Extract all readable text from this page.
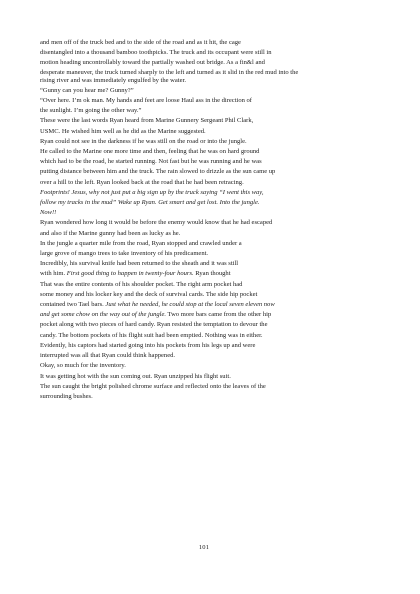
and men off of the truck bed and to the side of the road and as it hit, the cage
disentangled into a thousand bamboo toothpicks. The truck and its occupant were still in
motion heading uncontrollably toward the partially washed out bridge. As a fin&l and
desperate maneuver, the truck turned sharply to the left and turned as it slid in the red mud into the
rising river and was immediately engulfed by the water.
“Gunny can you hear me? Gunny?”
“Over here. I’m ok man. My hands and feet are loose Haul ass in the direction of
the sunlight. I’m going the other way.”
These were the last words Ryan heard from Marine Gunnery Sergeant Phil Clark,
USMC. He wished him well as he did as the Marine suggested.
Ryan could not see in the darkness if he was still on the road or into the jungle.
He called to the Marine one more time and then, feeling that he was on hard ground
which had to be the road, he started running. Not fast but he was running and he was
putting distance between him and the truck. The rain slowed to drizzle as the sun came up
over a hill to the left. Ryan looked back at the road that he had been retracing.
Footprints! Jesus, why not just put a big sign up by the truck saying “I went this way,
follow my tracks in the mud” Wake up Ryan. Get smart and get lost. Into the jungle.
Now!!
Ryan wondered how long it would be before the enemy would know that he had escaped
and also if the Marine gunny had been as lucky as he.
In the jungle a quarter mile from the road, Ryan stopped and crawled under a
large grove of mango trees to take inventory of his predicament.
Incredibly, his survival knife had been returned to the sheath and it was still
with him. First good thing to happen in twenty-four hours. Ryan thought
That was the entire contents of his shoulder pocket. The right arm pocket had
some money and his locker key and the deck of survival cards. The side hip pocket
contained two Tael bars. Just what he needed, he could stop at the local seven eleven now
and get some chow on the way out of the jungle. Two more bars came from the other hip
pocket along with two pieces of hard candy. Ryan resisted the temptation to devour the
candy. The bottom pockets of his flight suit had been emptied. Nothing was in either.
Evidently, his captors had started going into his pockets from his legs up and were
interrupted was all that Ryan could think happened.
Okay, so much for the inventory.
It was getting hot with the sun coming out. Ryan unzipped his flight suit.
The sun caught the bright polished chrome surface and reflected onto the leaves of the
surrounding bushes.
101
